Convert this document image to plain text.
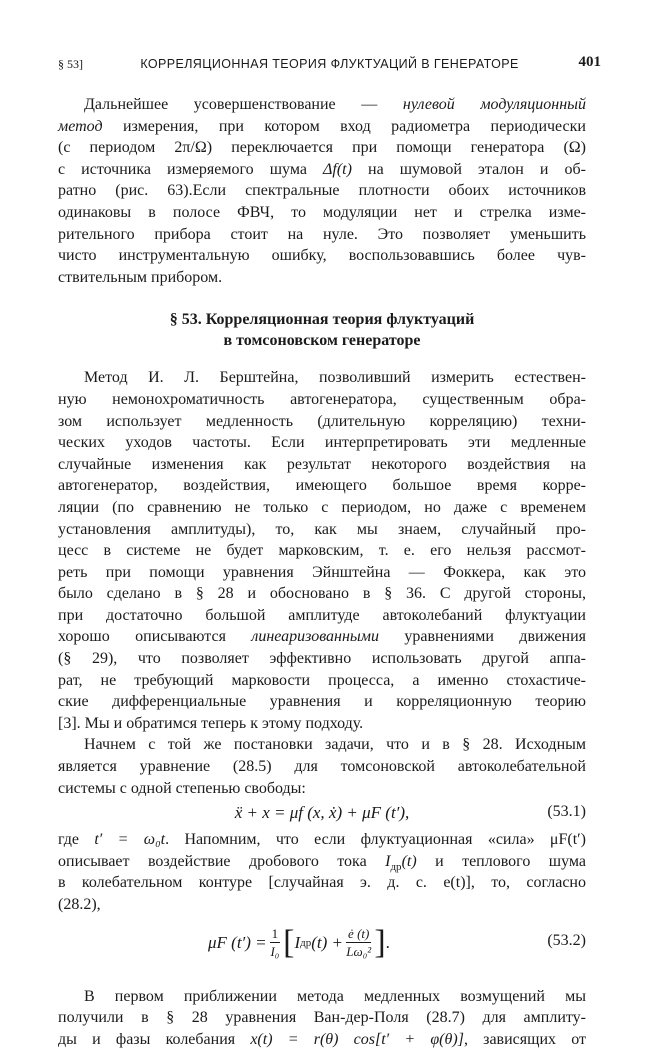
§ 53]	КОРРЕЛЯЦИОННАЯ ТЕОРИЯ ФЛУКТУАЦИЙ В ГЕНЕРАТОРЕ	401
Дальнейшее усовершенствование — нулевой модуляционный
метод измерения, при котором вход радиометра периодически
(с периодом 2π/Ω) переключается при помощи генератора (Ω)
с источника измеряемого шума Δf(t) на шумовой эталон и об-
ратно (рис. 63).Если спектральные плотности обоих источников
одинаковы в полосе ФВЧ, то модуляции нет и стрелка изме-
рительного прибора стоит на нуле. Это позволяет уменьшить
чисто инструментальную ошибку, воспользовавшись более чув-
ствительным прибором.
§ 53. Корреляционная теория флуктуаций
в томсоновском генераторе
Метод И. Л. Берштейна, позволивший измерить естествен-
ную немонохроматичность автогенератора, существенным обра-
зом использует медленность (длительную корреляцию) техни-
ческих уходов частоты. Если интерпретировать эти медленные
случайные изменения как результат некоторого воздействия на
автогенератор, воздействия, имеющего большое время корре-
ляции (по сравнению не только с периодом, но даже с временем
установления амплитуды), то, как мы знаем, случайный про-
цесс в системе не будет марковским, т. е. его нельзя рассмот-
реть при помощи уравнения Эйнштейна — Фоккера, как это
было сделано в § 28 и обосновано в § 36. С другой стороны,
при достаточно большой амплитуде автоколебаний флуктуации
хорошо описываются линеаризованными уравнениями движения
(§ 29), что позволяет эффективно использовать другой аппа-
рат, не требующий марковости процесса, а именно стохастиче-
ские дифференциальные уравнения и корреляционную теорию
[3]. Мы и обратимся теперь к этому подходу.
Начнем с той же постановки задачи, что и в § 28. Исходным
является уравнение (28.5) для томсоновской автоколебательной
системы с одной степенью свободы:
ẍ + x = μf (x, ẋ) + μF (t′),	(53.1)
где t′ = ω₀t. Напомним, что если флуктуационная «сила» μF(t′)
описывает воздействие дробового тока $I_{др}(t)$ и теплового шума
в колебательном контуре [случайная э. д. с. e(t)], то, согласно
(28.2),
μF $(t') = \frac{1}{\text{I₀}}$ [ I др $(t) + \frac{ė (t)}{\text{Lω₀²}}$ ] .	(53.2)
В первом приближении метода медленных возмущений мы
получили в § 28 уравнения Ван-дер-Поля (28.7) для амплиту-
ды и фазы колебания x(t) = r(θ) cos[t′ + φ(θ)], зависящих от
